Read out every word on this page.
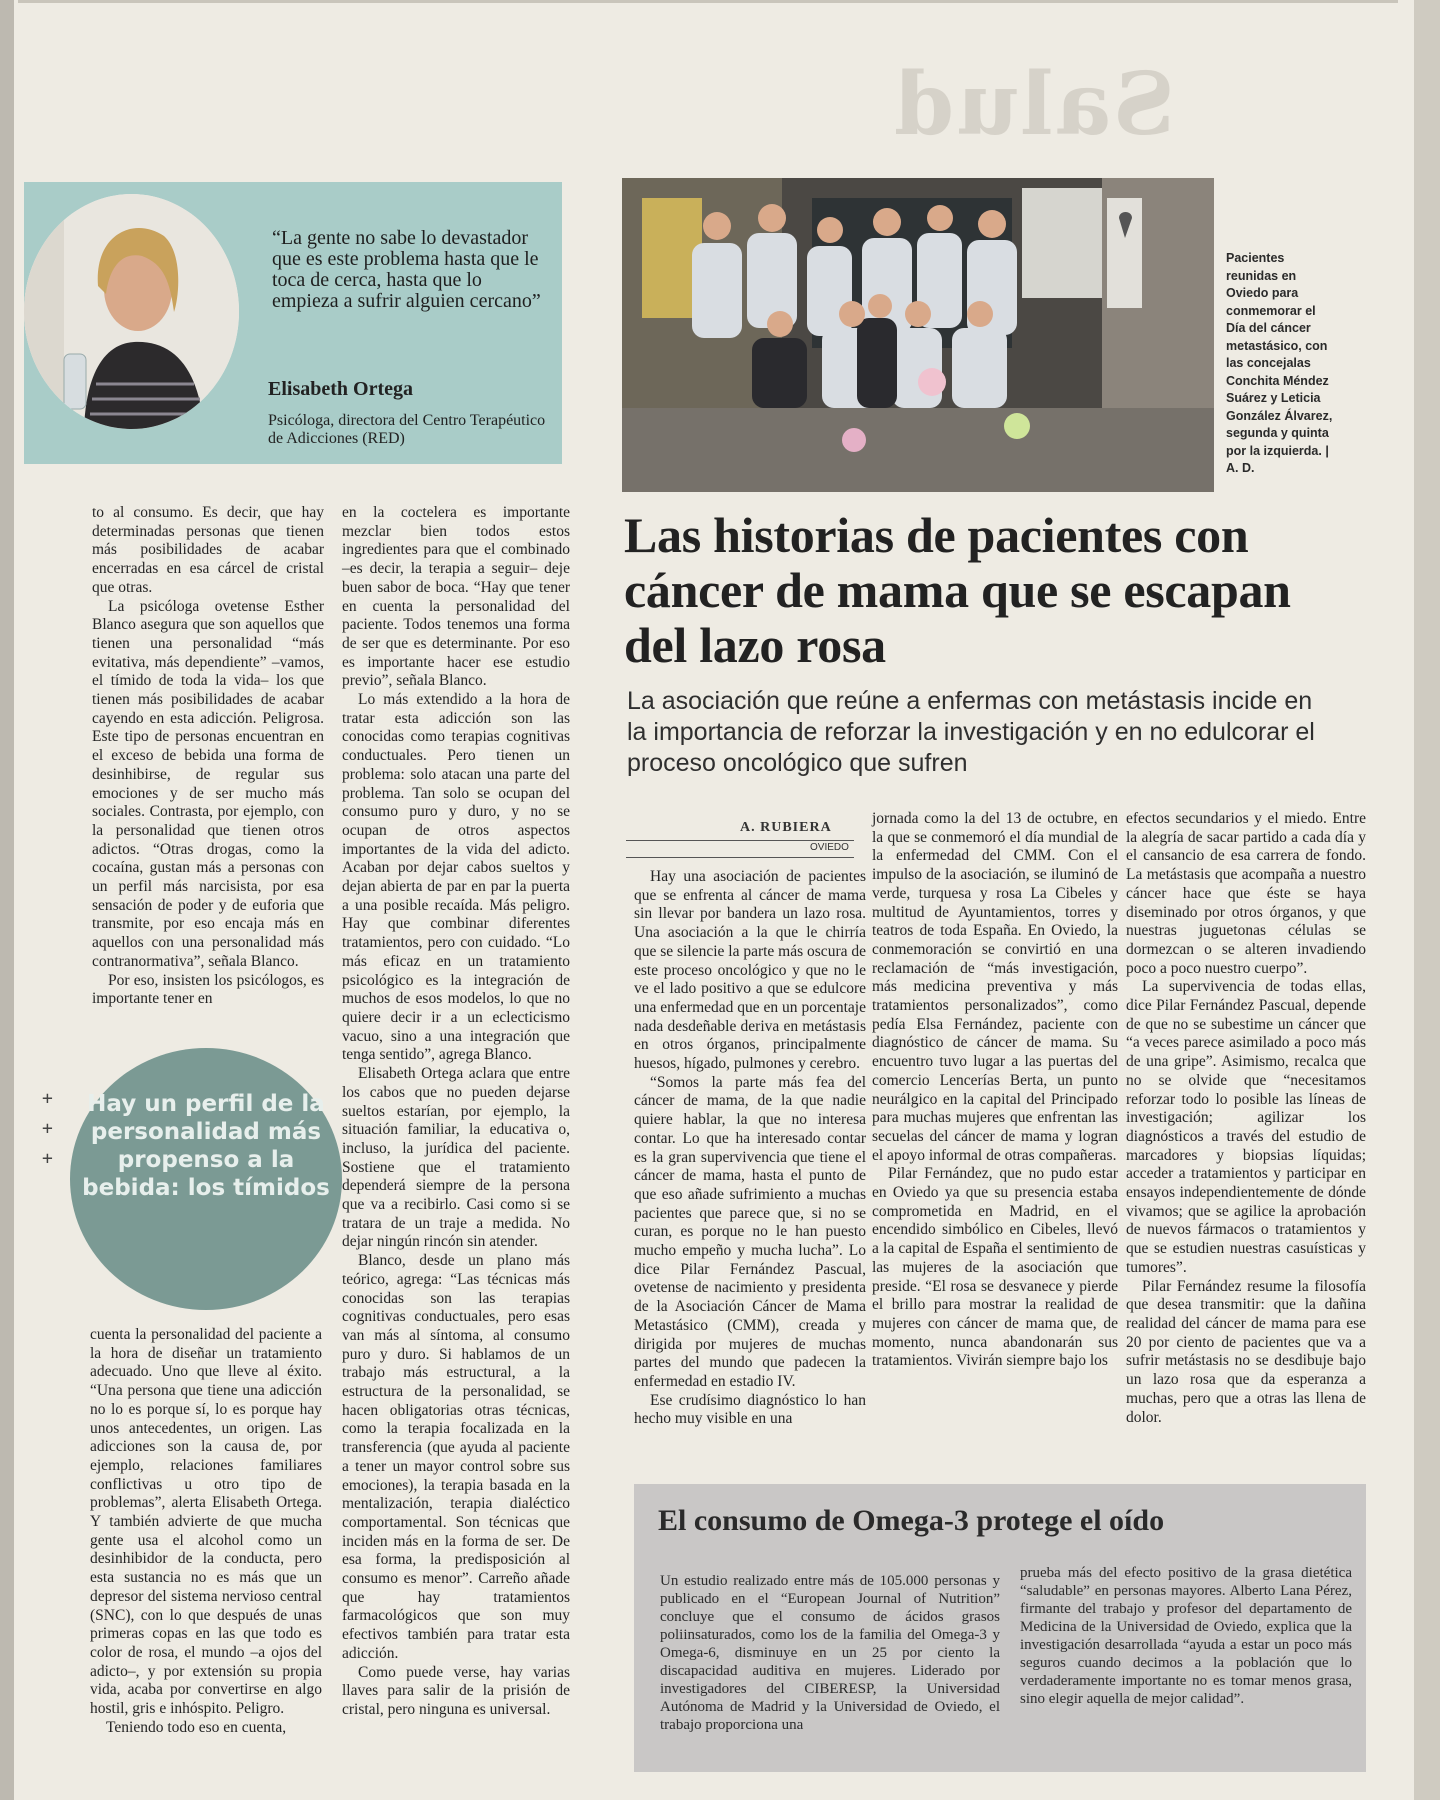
Salud

“La gente no sabe lo devastador que es este problema hasta que le toca de cerca, hasta que lo empieza a sufrir alguien cercano”

Elisabeth Ortega
Psicóloga, directora del Centro Terapéutico de Adicciones (RED)

Pacientes reunidas en Oviedo para conmemorar el Día del cáncer metastásico, con las concejalas Conchita Méndez Suárez y Leticia González Álvarez, segunda y quinta por la izquierda. | A. D.

Las historias de pacientes con cáncer de mama que se escapan del lazo rosa

La asociación que reúne a enfermas con metástasis incide en la importancia de reforzar la investigación y en no edulcorar el proceso oncológico que sufren

A. RUBIERA
OVIEDO

Hay una asociación de pacientes que se enfrenta al cáncer de mama sin llevar por bandera un lazo rosa. Una asociación a la que le chirría que se silencie la parte más oscura de este proceso oncológico y que no le ve el lado positivo a que se edulcore una enfermedad que en un porcentaje nada desdeñable deriva en metástasis en otros órganos, principalmente huesos, hígado, pulmones y cerebro.

“Somos la parte más fea del cáncer de mama, de la que nadie quiere hablar, la que no interesa contar. Lo que ha interesado contar es la gran supervivencia que tiene el cáncer de mama, hasta el punto de que eso añade sufrimiento a muchas pacientes que parece que, si no se curan, es porque no le han puesto mucho empeño y mucha lucha”. Lo dice Pilar Fernández Pascual, ovetense de nacimiento y presidenta de la Asociación Cáncer de Mama Metastásico (CMM), creada y dirigida por mujeres de muchas partes del mundo que padecen la enfermedad en estadio IV.

Ese crudísimo diagnóstico lo han hecho muy visible en una

jornada como la del 13 de octubre, en la que se conmemoró el día mundial de la enfermedad del CMM. Con el impulso de la asociación, se iluminó de verde, turquesa y rosa La Cibeles y multitud de Ayuntamientos, torres y teatros de toda España. En Oviedo, la conmemoración se convirtió en una reclamación de “más investigación, más medicina preventiva y más tratamientos personalizados”, como pedía Elsa Fernández, paciente con diagnóstico de cáncer de mama. Su encuentro tuvo lugar a las puertas del comercio Lencerías Berta, un punto neurálgico en la capital del Principado para muchas mujeres que enfrentan las secuelas del cáncer de mama y logran el apoyo informal de otras compañeras.

Pilar Fernández, que no pudo estar en Oviedo ya que su presencia estaba comprometida en Madrid, en el encendido simbólico en Cibeles, llevó a la capital de España el sentimiento de las mujeres de la asociación que preside. “El rosa se desvanece y pierde el brillo para mostrar la realidad de mujeres con cáncer de mama que, de momento, nunca abandonarán sus tratamientos. Vivirán siempre bajo los

efectos secundarios y el miedo. Entre la alegría de sacar partido a cada día y el cansancio de esa carrera de fondo. La metástasis que acompaña a nuestro cáncer hace que éste se haya diseminado por otros órganos, y que nuestras juguetonas células se dormezcan o se alteren invadiendo poco a poco nuestro cuerpo”.

La supervivencia de todas ellas, dice Pilar Fernández Pascual, depende de que no se subestime un cáncer que “a veces parece asimilado a poco más de una gripe”. Asimismo, recalca que no se olvide que “necesitamos reforzar todo lo posible las líneas de investigación; agilizar los diagnósticos a través del estudio de marcadores y biopsias líquidas; acceder a tratamientos y participar en ensayos independientemente de dónde vivamos; que se agilice la aprobación de nuevos fármacos o tratamientos y que se estudien nuestras casuísticas y tumores”.

Pilar Fernández resume la filosofía que desea transmitir: que la dañina realidad del cáncer de mama para ese 20 por ciento de pacientes que va a sufrir metástasis no se desdibuje bajo un lazo rosa que da esperanza a muchas, pero que a otras las llena de dolor.

to al consumo. Es decir, que hay determinadas personas que tienen más posibilidades de acabar encerradas en esa cárcel de cristal que otras.

La psicóloga ovetense Esther Blanco asegura que son aquellos que tienen una personalidad “más evitativa, más dependiente” –vamos, el tímido de toda la vida– los que tienen más posibilidades de acabar cayendo en esta adicción. Peligrosa. Este tipo de personas encuentran en el exceso de bebida una forma de desinhibirse, de regular sus emociones y de ser mucho más sociales. Contrasta, por ejemplo, con la personalidad que tienen otros adictos. “Otras drogas, como la cocaína, gustan más a personas con un perfil más narcisista, por esa sensación de poder y de euforia que transmite, por eso encaja más en aquellos con una personalidad más contranormativa”, señala Blanco.

Por eso, insisten los psicólogos, es importante tener en

Hay un perfil de la personalidad más propenso a la bebida: los tímidos

+
+
+

cuenta la personalidad del paciente a la hora de diseñar un tratamiento adecuado. Uno que lleve al éxito. “Una persona que tiene una adicción no lo es porque sí, lo es porque hay unos antecedentes, un origen. Las adicciones son la causa de, por ejemplo, relaciones familiares conflictivas u otro tipo de problemas”, alerta Elisabeth Ortega. Y también advierte de que mucha gente usa el alcohol como un desinhibidor de la conducta, pero esta sustancia no es más que un depresor del sistema nervioso central (SNC), con lo que después de unas primeras copas en las que todo es color de rosa, el mundo –a ojos del adicto–, y por extensión su propia vida, acaba por convertirse en algo hostil, gris e inhóspito. Peligro.

Teniendo todo eso en cuenta,

en la coctelera es importante mezclar bien todos estos ingredientes para que el combinado –es decir, la terapia a seguir– deje buen sabor de boca. “Hay que tener en cuenta la personalidad del paciente. Todos tenemos una forma de ser que es determinante. Por eso es importante hacer ese estudio previo”, señala Blanco.

Lo más extendido a la hora de tratar esta adicción son las conocidas como terapias cognitivas conductuales. Pero tienen un problema: solo atacan una parte del problema. Tan solo se ocupan del consumo puro y duro, y no se ocupan de otros aspectos importantes de la vida del adicto. Acaban por dejar cabos sueltos y dejan abierta de par en par la puerta a una posible recaída. Más peligro. Hay que combinar diferentes tratamientos, pero con cuidado. “Lo más eficaz en un tratamiento psicológico es la integración de muchos de esos modelos, lo que no quiere decir ir a un eclecticismo vacuo, sino a una integración que tenga sentido”, agrega Blanco.

Elisabeth Ortega aclara que entre los cabos que no pueden dejarse sueltos estarían, por ejemplo, la situación familiar, la educativa o, incluso, la jurídica del paciente. Sostiene que el tratamiento dependerá siempre de la persona que va a recibirlo. Casi como si se tratara de un traje a medida. No dejar ningún rincón sin atender.

Blanco, desde un plano más teórico, agrega: “Las técnicas más conocidas son las terapias cognitivas conductuales, pero esas van más al síntoma, al consumo puro y duro. Si hablamos de un trabajo más estructural, a la estructura de la personalidad, se hacen obligatorias otras técnicas, como la terapia focalizada en la transferencia (que ayuda al paciente a tener un mayor control sobre sus emociones), la terapia basada en la mentalización, terapia dialéctico comportamental. Son técnicas que inciden más en la forma de ser. De esa forma, la predisposición al consumo es menor”. Carreño añade que hay tratamientos farmacológicos que son muy efectivos también para tratar esta adicción.

Como puede verse, hay varias llaves para salir de la prisión de cristal, pero ninguna es universal.

El consumo de Omega-3 protege el oído

Un estudio realizado entre más de 105.000 personas y publicado en el “European Journal of Nutrition” concluye que el consumo de ácidos grasos poliinsaturados, como los de la familia del Omega-3 y Omega-6, disminuye en un 25 por ciento la discapacidad auditiva en mujeres. Liderado por investigadores del CIBERESP, la Universidad Autónoma de Madrid y la Universidad de Oviedo, el trabajo proporciona una

prueba más del efecto positivo de la grasa dietética “saludable” en personas mayores. Alberto Lana Pérez, firmante del trabajo y profesor del departamento de Medicina de la Universidad de Oviedo, explica que la investigación desarrollada “ayuda a estar un poco más seguros cuando decimos a la población que lo verdaderamente importante no es tomar menos grasa, sino elegir aquella de mejor calidad”.
